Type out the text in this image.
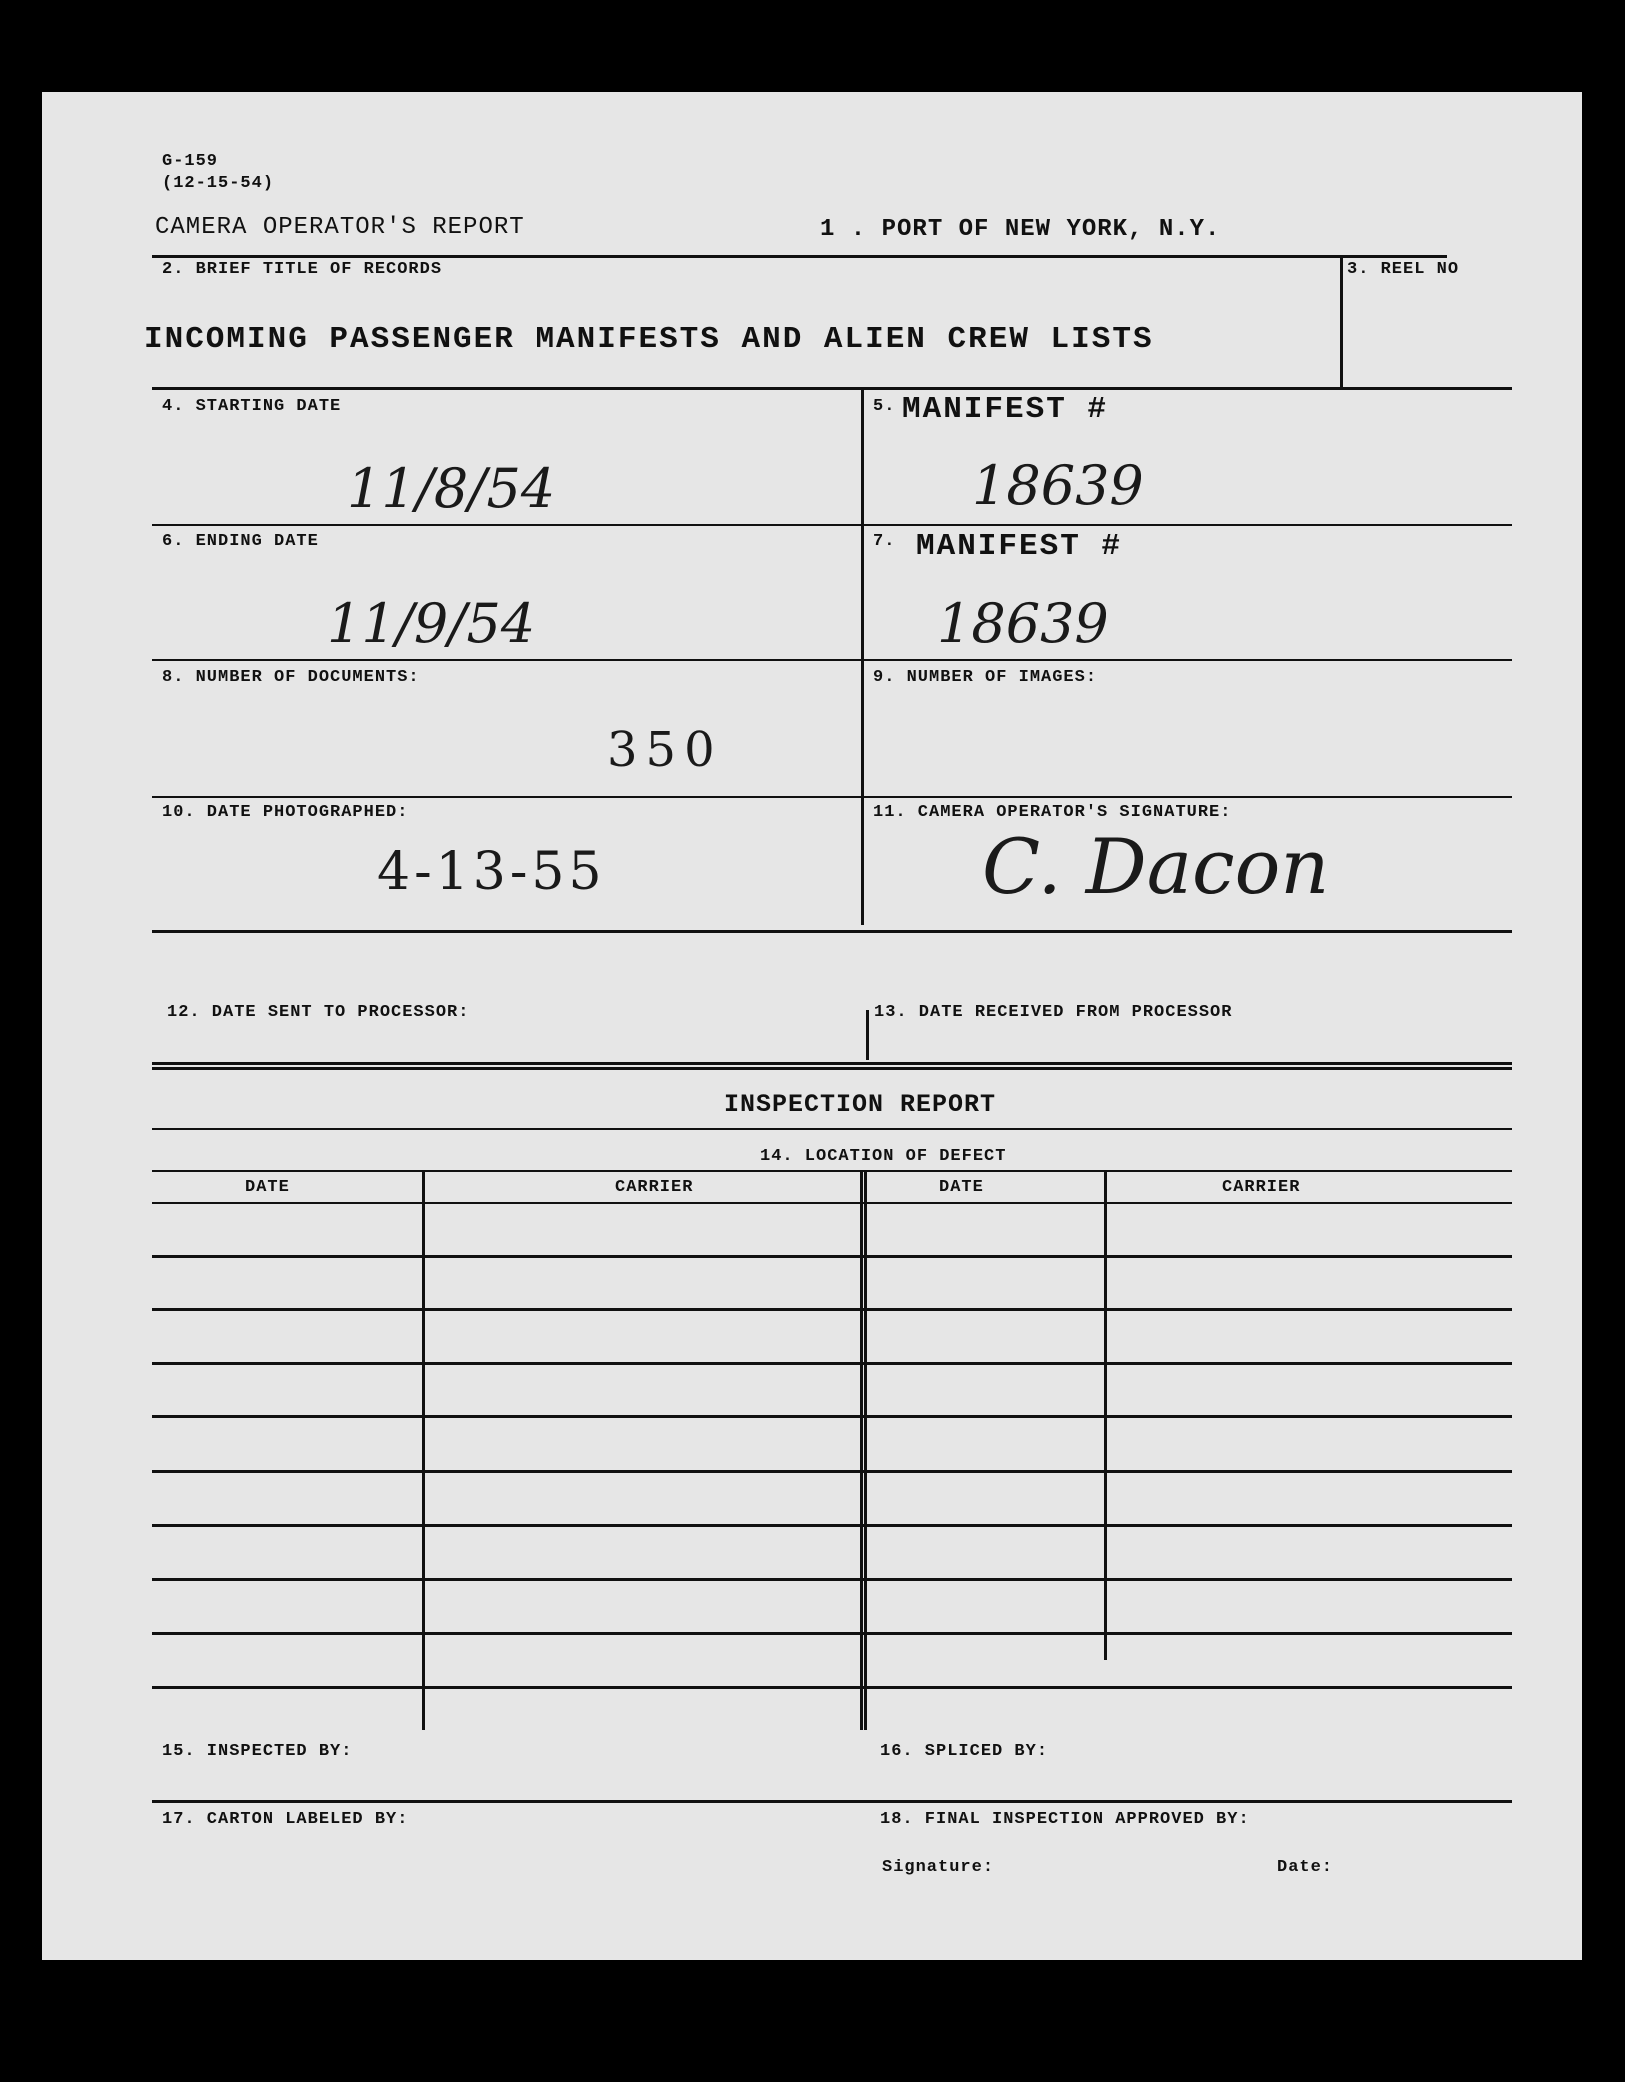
G-159
(12-15-54)
CAMERA OPERATOR'S REPORT	1 . PORT OF NEW YORK, N.Y.
2. BRIEF TITLE OF RECORDS
INCOMING PASSENGER MANIFESTS AND ALIEN CREW LISTS
3. REEL NO
4. STARTING DATE
11/8/54
5. MANIFEST #
18639
6. ENDING DATE
11/9/54
7. MANIFEST #
18639
8. NUMBER OF DOCUMENTS:
350
9. NUMBER OF IMAGES:
10. DATE PHOTOGRAPHED:
4-13-55
11. CAMERA OPERATOR'S SIGNATURE:
C. Dacon
12. DATE SENT TO PROCESSOR:	13. DATE RECEIVED FROM PROCESSOR
INSPECTION REPORT
14. LOCATION OF DEFECT
DATE	CARRIER	DATE	CARRIER
15. INSPECTED BY:	16. SPLICED BY:
17. CARTON LABELED BY:	18. FINAL INSPECTION APPROVED BY:
Signature:	Date:
